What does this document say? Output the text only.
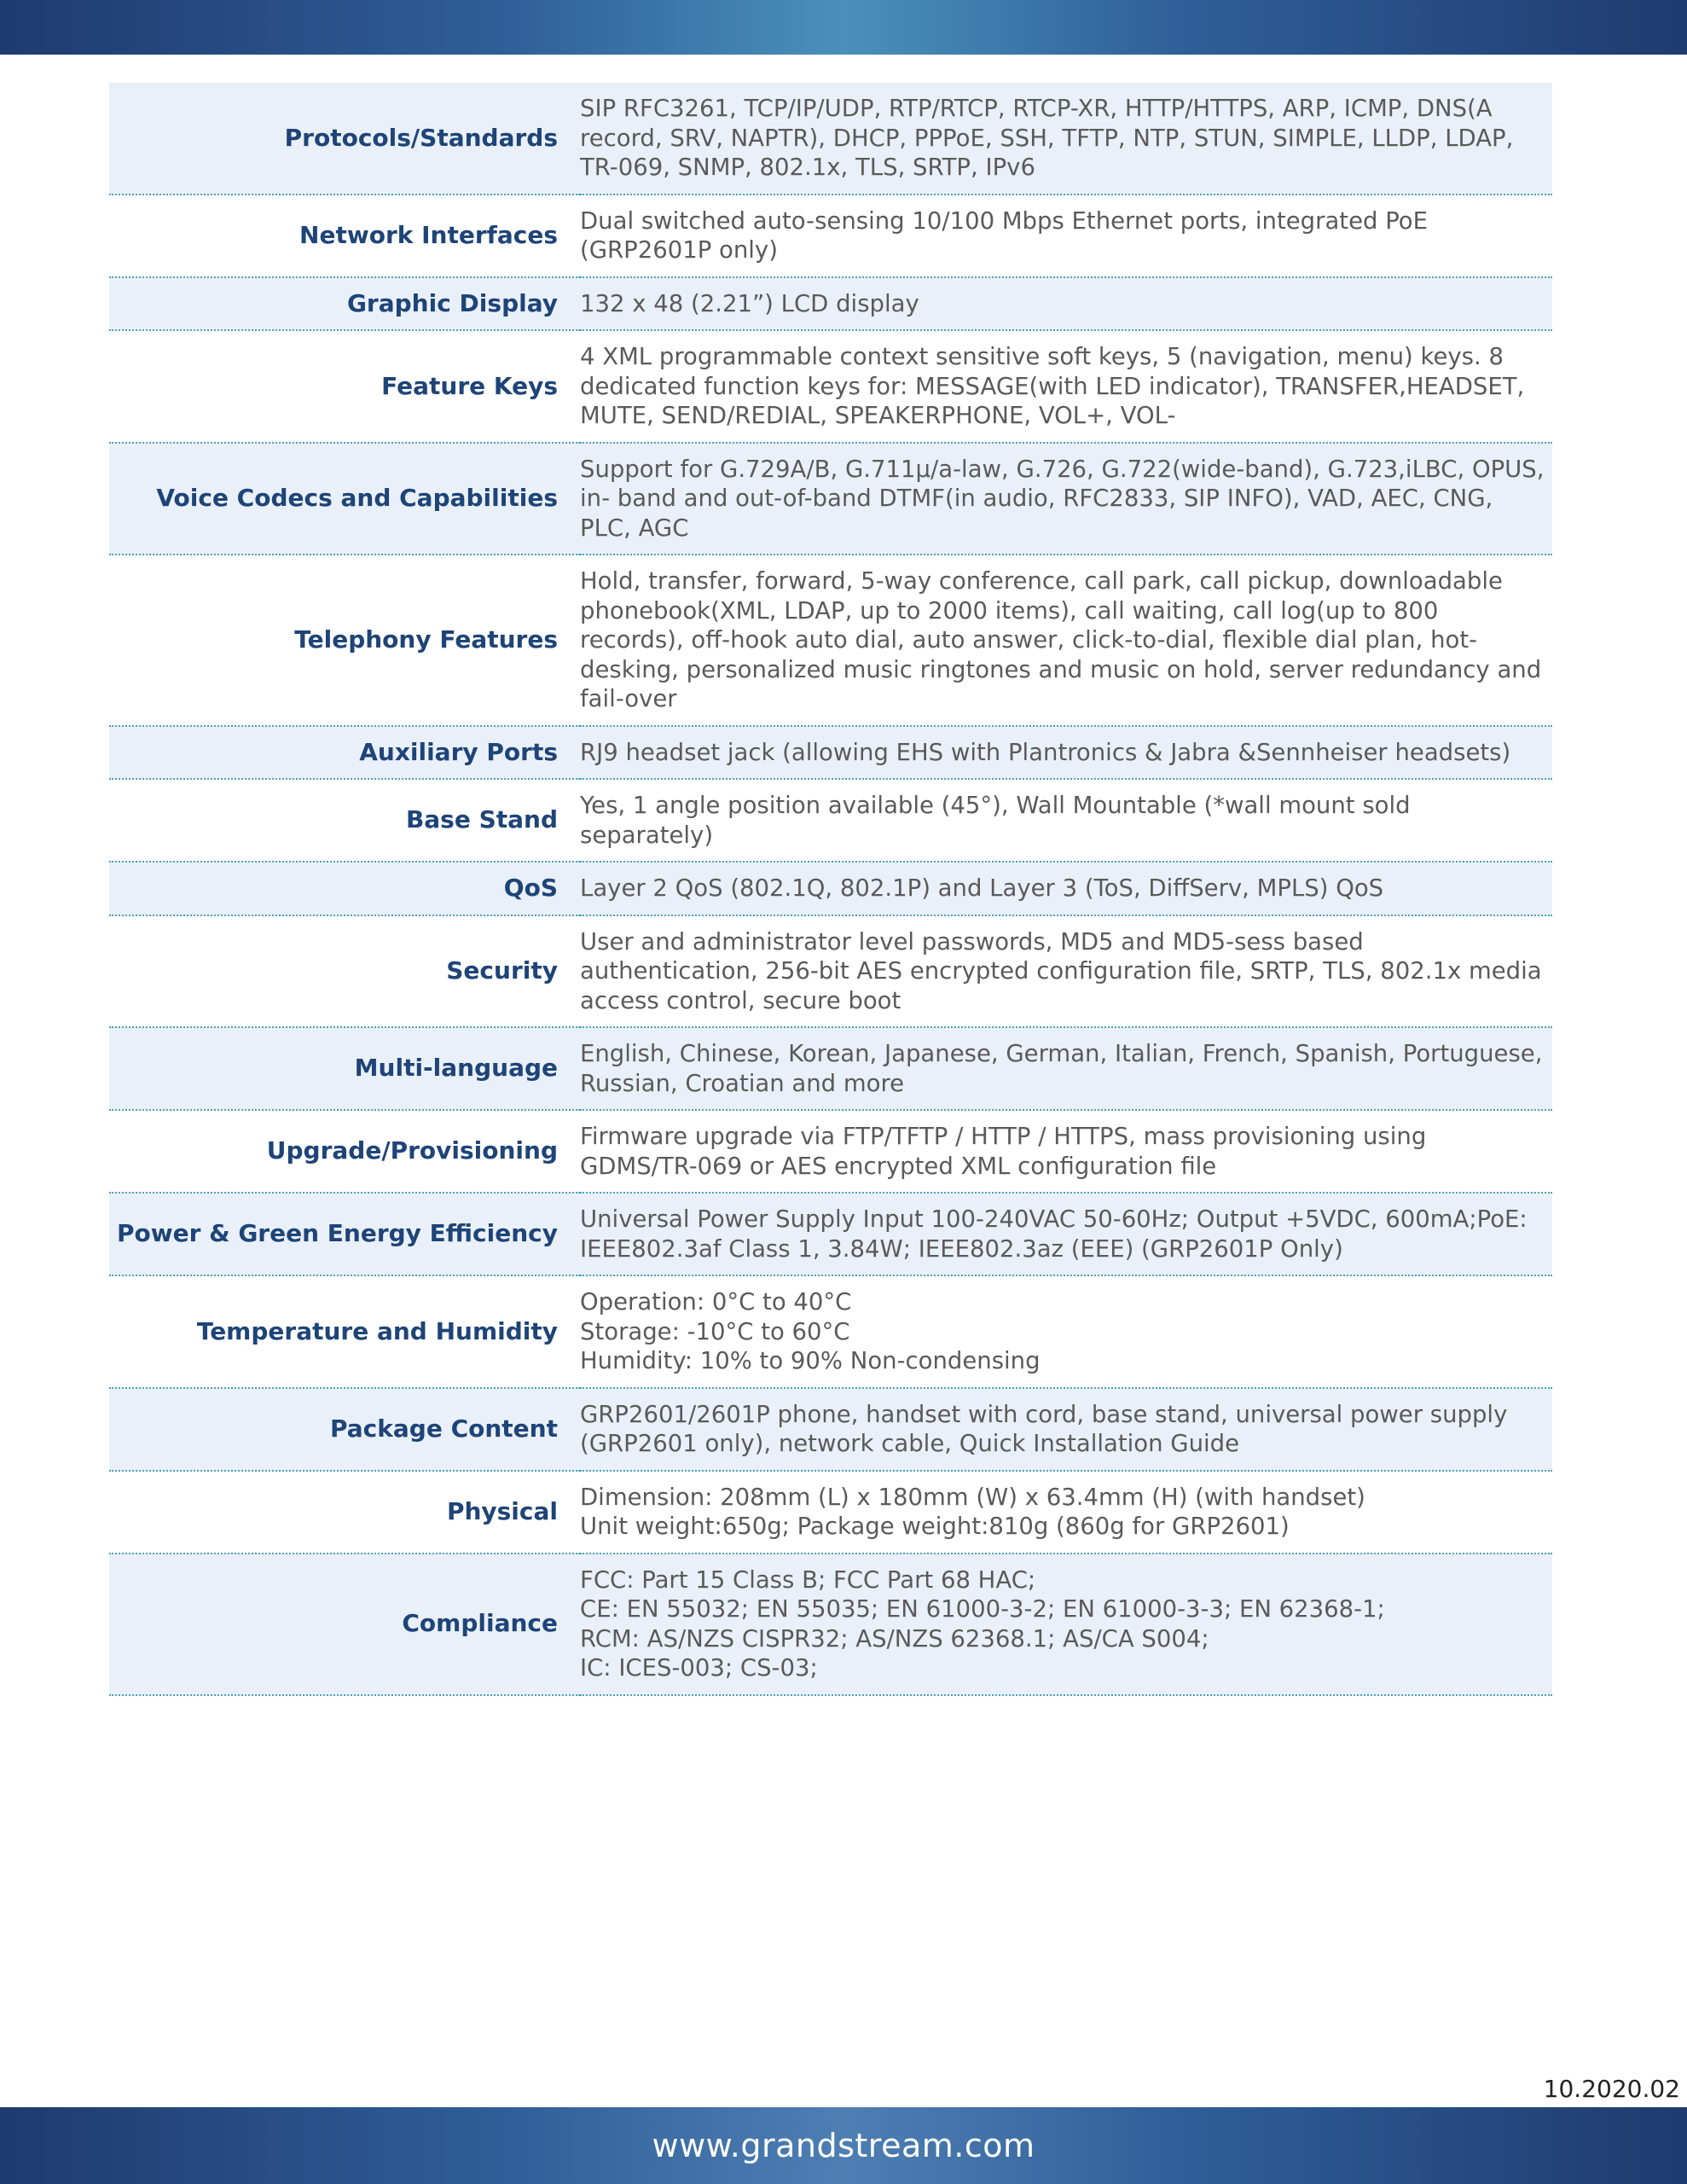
Protocols/Standards	SIP RFC3261, TCP/IP/UDP, RTP/RTCP, RTCP-XR, HTTP/HTTPS, ARP, ICMP, DNS(A record, SRV, NAPTR), DHCP, PPPoE, SSH, TFTP, NTP, STUN, SIMPLE, LLDP, LDAP, TR-069, SNMP, 802.1x, TLS, SRTP, IPv6
Network Interfaces	Dual switched auto-sensing 10/100 Mbps Ethernet ports, integrated PoE (GRP2601P only)
Graphic Display	132 x 48 (2.21”) LCD display
Feature Keys	4 XML programmable context sensitive soft keys, 5 (navigation, menu) keys. 8 dedicated function keys for: MESSAGE(with LED indicator), TRANSFER,HEADSET, MUTE, SEND/REDIAL, SPEAKERPHONE, VOL+, VOL-
Voice Codecs and Capabilities	Support for G.729A/B, G.711µ/a-law, G.726, G.722(wide-band), G.723,iLBC, OPUS, in- band and out-of-band DTMF(in audio, RFC2833, SIP INFO), VAD, AEC, CNG, PLC, AGC
Telephony Features	Hold, transfer, forward, 5-way conference, call park, call pickup, downloadable phonebook(XML, LDAP, up to 2000 items), call waiting, call log(up to 800 records), off-hook auto dial, auto answer, click-to-dial, flexible dial plan, hot-desking, personalized music ringtones and music on hold, server redundancy and fail-over
Auxiliary Ports	RJ9 headset jack (allowing EHS with Plantronics & Jabra &Sennheiser headsets)
Base Stand	Yes, 1 angle position available (45°), Wall Mountable (*wall mount sold separately)
QoS	Layer 2 QoS (802.1Q, 802.1P) and Layer 3 (ToS, DiffServ, MPLS) QoS
Security	User and administrator level passwords, MD5 and MD5-sess based authentication, 256-bit AES encrypted configuration file, SRTP, TLS, 802.1x media access control, secure boot
Multi-language	English, Chinese, Korean, Japanese, German, Italian, French, Spanish, Portuguese, Russian, Croatian and more
Upgrade/Provisioning	Firmware upgrade via FTP/TFTP / HTTP / HTTPS, mass provisioning using GDMS/TR-069 or AES encrypted XML configuration file
Power & Green Energy Efficiency	Universal Power Supply Input 100-240VAC 50-60Hz; Output +5VDC, 600mA;PoE: IEEE802.3af Class 1, 3.84W; IEEE802.3az (EEE) (GRP2601P Only)
Temperature and Humidity	Operation: 0°C to 40°C
Storage: -10°C to 60°C
Humidity: 10% to 90% Non-condensing
Package Content	GRP2601/2601P phone, handset with cord, base stand, universal power supply (GRP2601 only), network cable, Quick Installation Guide
Physical	Dimension: 208mm (L) x 180mm (W) x 63.4mm (H) (with handset)
Unit weight:650g; Package weight:810g (860g for GRP2601)
Compliance	FCC: Part 15 Class B; FCC Part 68 HAC;
CE: EN 55032; EN 55035; EN 61000-3-2; EN 61000-3-3; EN 62368-1;
RCM: AS/NZS CISPR32; AS/NZS 62368.1; AS/CA S004;
IC: ICES-003; CS-03;
10.2020.02
www.grandstream.com
